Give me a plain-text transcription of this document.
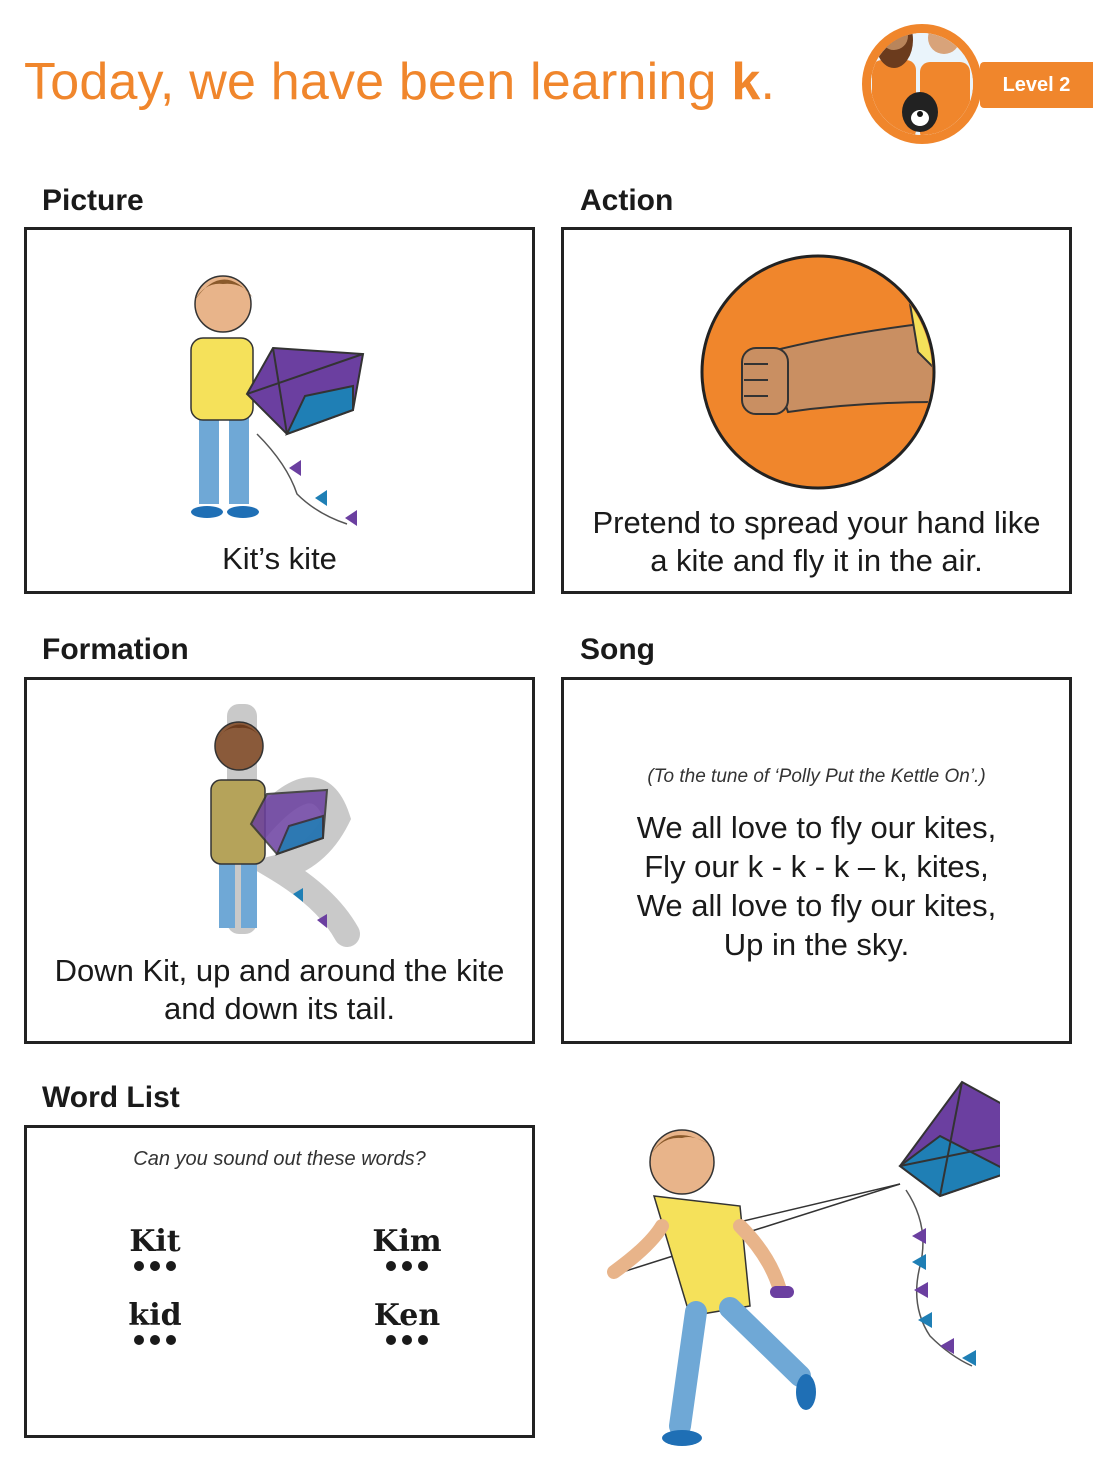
Today, we have been learning k.	Level 2
Picture
Kit’s kite
Action
Pretend to spread your hand like
a kite and fly it in the air.
Formation
Down Kit, up and around the kite
and down its tail.
Song
(To the tune of ‘Polly Put the Kettle On’.)
We all love to fly our kites,
Fly our k - k - k – k, kites,
We all love to fly our kites,
Up in the sky.
Word List
Can you sound out these words?
Kit	Kim
kid	Ken
